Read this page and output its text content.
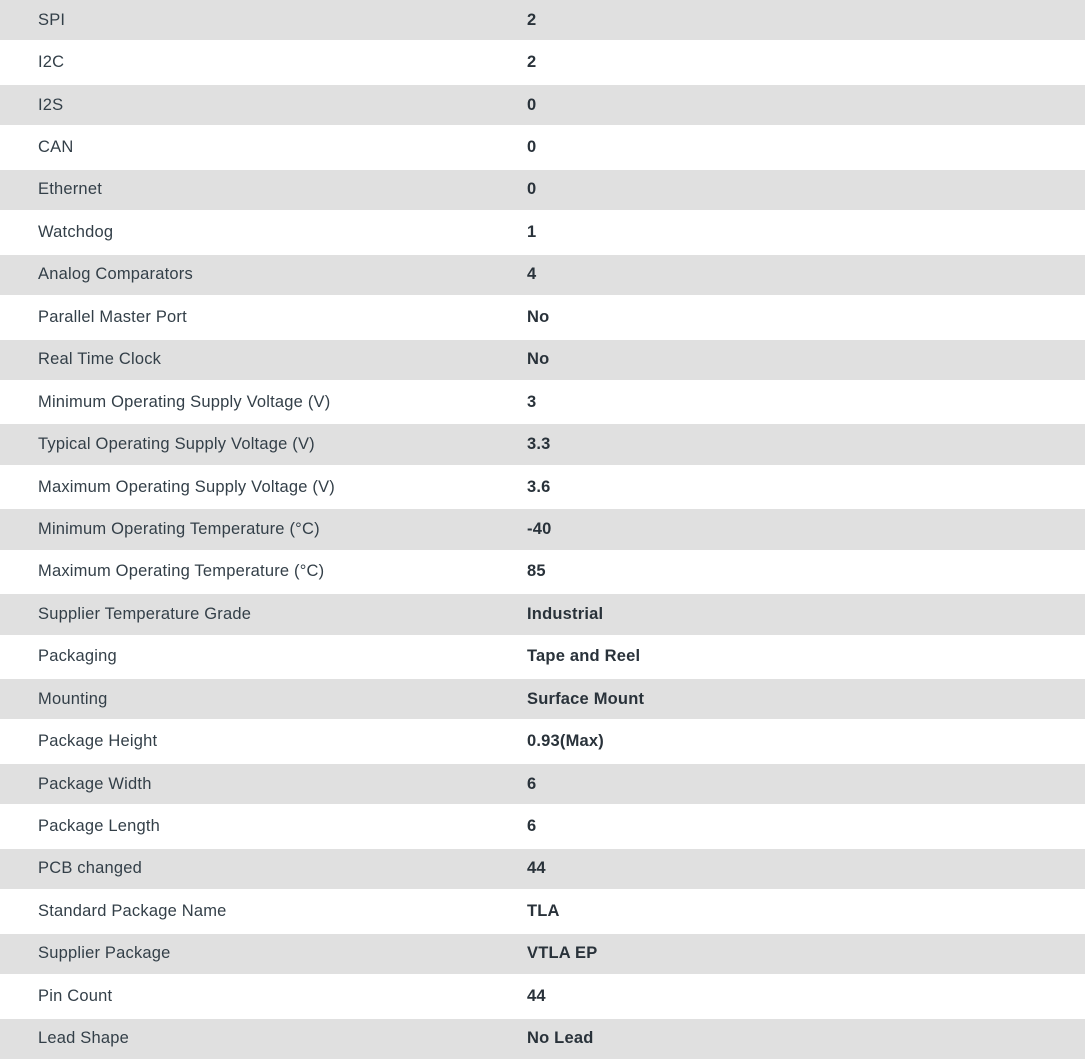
SPI	2
I2C	2
I2S	0
CAN	0
Ethernet	0
Watchdog	1
Analog Comparators	4
Parallel Master Port	No
Real Time Clock	No
Minimum Operating Supply Voltage (V)	3
Typical Operating Supply Voltage (V)	3.3
Maximum Operating Supply Voltage (V)	3.6
Minimum Operating Temperature (°C)	-40
Maximum Operating Temperature (°C)	85
Supplier Temperature Grade	Industrial
Packaging	Tape and Reel
Mounting	Surface Mount
Package Height	0.93(Max)
Package Width	6
Package Length	6
PCB changed	44
Standard Package Name	TLA
Supplier Package	VTLA EP
Pin Count	44
Lead Shape	No Lead
